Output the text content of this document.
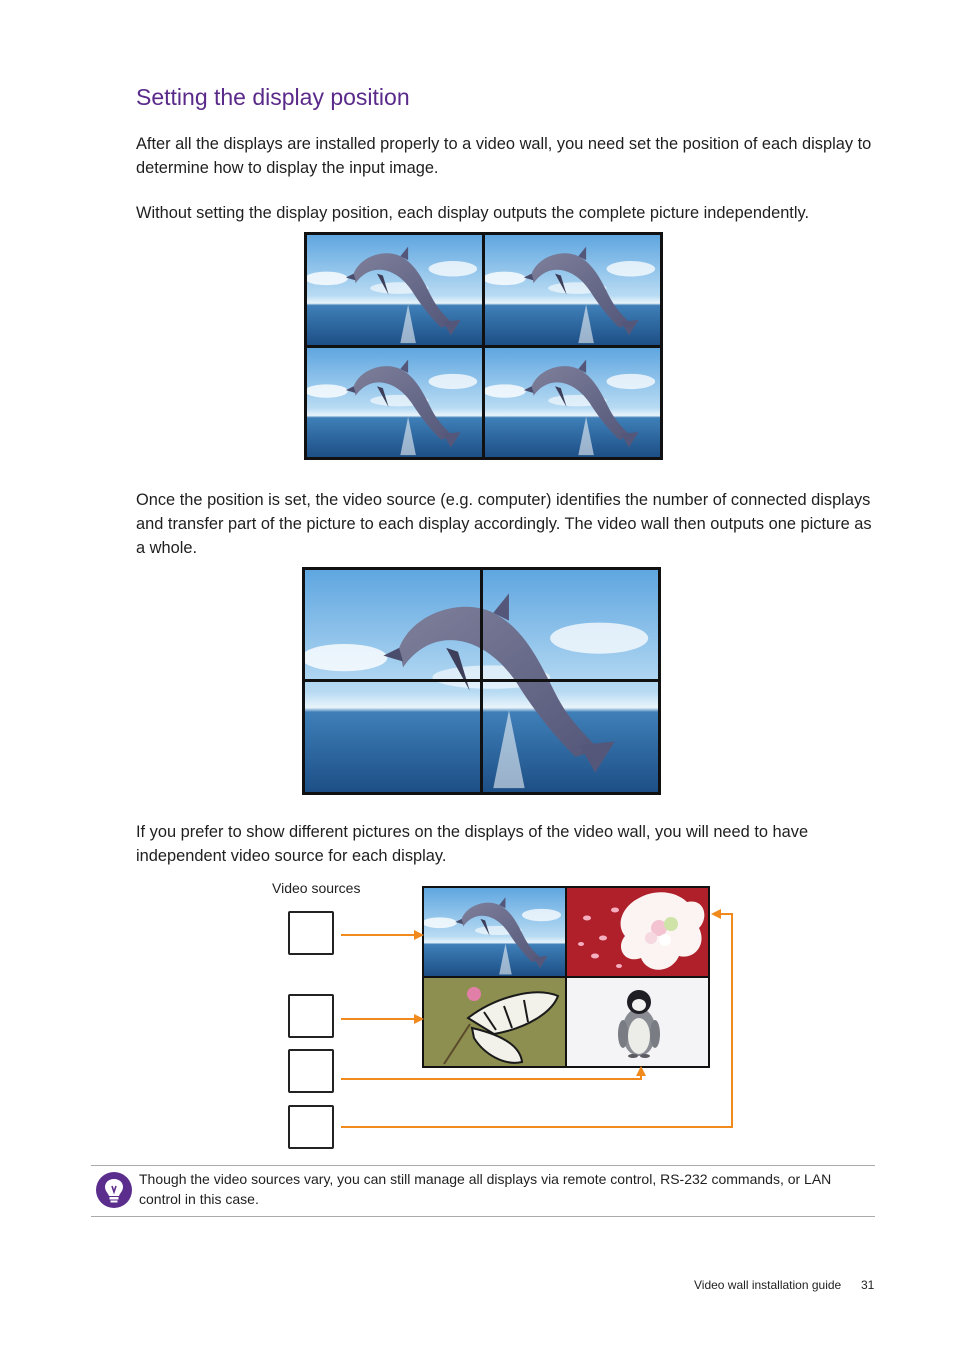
Setting the display position

After all the displays are installed properly to a video wall, you need set the position of each display to determine how to display the input image.

Without setting the display position, each display outputs the complete picture independently.

Once the position is set, the video source (e.g. computer) identifies the number of connected displays and transfer part of the picture to each display accordingly. The video wall then outputs one picture as a whole.

If you prefer to show different pictures on the displays of the video wall, you will need to have independent video source for each display.

Video sources

Though the video sources vary, you can still manage all displays via remote control, RS-232 commands, or LAN control in this case.

Video wall installation guide 31
